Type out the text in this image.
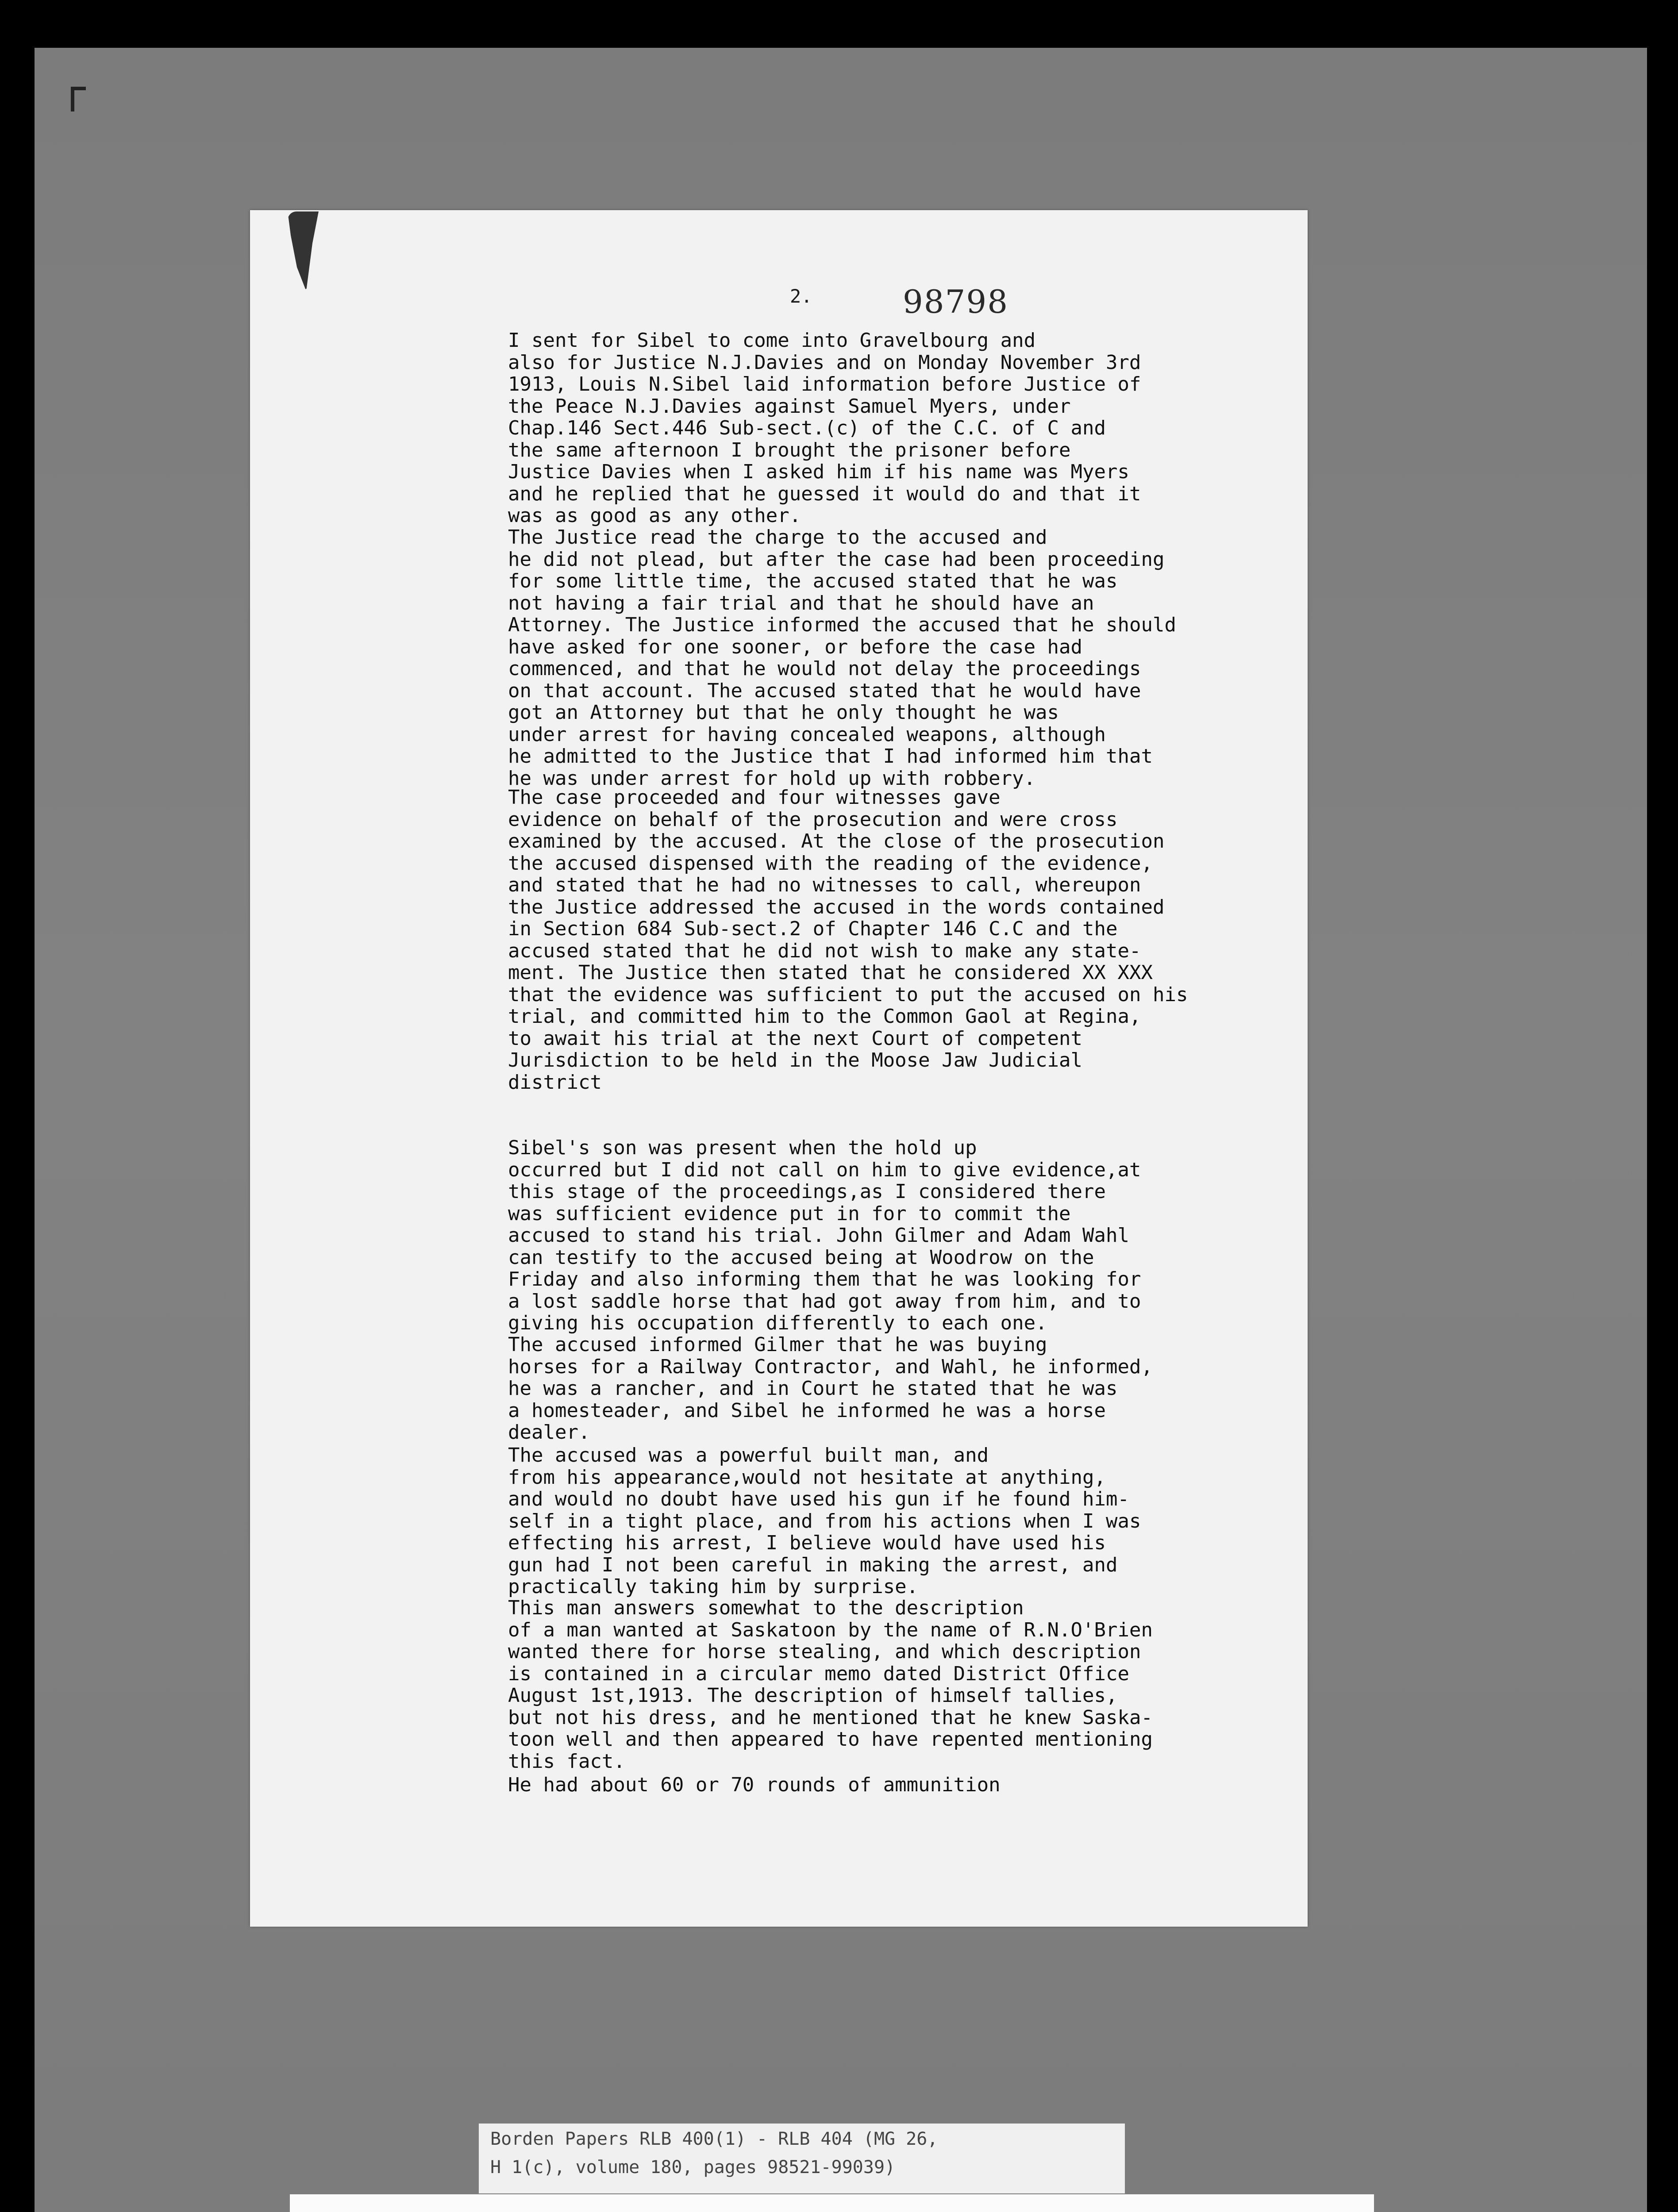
2.	98798
I sent for Sibel to come into Gravelbourg and
also for Justice N.J.Davies and on Monday November 3rd
1913, Louis N.Sibel laid information before Justice of
the Peace N.J.Davies against Samuel Myers, under
Chap.146 Sect.446 Sub-sect.(c) of the C.C. of C and
the same afternoon I brought the prisoner before
Justice Davies when I asked him if his name was Myers
and he replied that he guessed it would do and that it
was as good as any other.
The Justice read the charge to the accused and
he did not plead, but after the case had been proceeding
for some little time, the accused stated that he was
not having a fair trial and that he should have an
Attorney. The Justice informed the accused that he should
have asked for one sooner, or before the case had
commenced, and that he would not delay the proceedings
on that account. The accused stated that he would have
got an Attorney but that he only thought he was
under arrest for having concealed weapons, although
he admitted to the Justice that I had informed him that
he was under arrest for hold up with robbery.
The case proceeded and four witnesses gave
evidence on behalf of the prosecution and were cross
examined by the accused. At the close of the prosecution
the accused dispensed with the reading of the evidence,
and stated that he had no witnesses to call, whereupon
the Justice addressed the accused in the words contained
in Section 684 Sub-sect.2 of Chapter 146 C.C and the
accused stated that he did not wish to make any state-
ment. The Justice then stated that he considered XX XXX
that the evidence was sufficient to put the accused on his
trial, and committed him to the Common Gaol at Regina,
to await his trial at the next Court of competent
Jurisdiction to be held in the Moose Jaw Judicial
district
Sibel's son was present when the hold up
occurred but I did not call on him to give evidence,at
this stage of the proceedings,as I considered there
was sufficient evidence put in for to commit the
accused to stand his trial. John Gilmer and Adam Wahl
can testify to the accused being at Woodrow on the
Friday and also informing them that he was looking for
a lost saddle horse that had got away from him, and to
giving his occupation differently to each one.
The accused informed Gilmer that he was buying
horses for a Railway Contractor, and Wahl, he informed,
he was a rancher, and in Court he stated that he was
a homesteader, and Sibel he informed he was a horse
dealer.
The accused was a powerful built man, and
from his appearance,would not hesitate at anything,
and would no doubt have used his gun if he found him-
self in a tight place, and from his actions when I was
effecting his arrest, I believe would have used his
gun had I not been careful in making the arrest, and
practically taking him by surprise.
This man answers somewhat to the description
of a man wanted at Saskatoon by the name of R.N.O'Brien
wanted there for horse stealing, and which description
is contained in a circular memo dated District Office
August 1st,1913. The description of himself tallies,
but not his dress, and he mentioned that he knew Saska-
toon well and then appeared to have repented mentioning
this fact.
He had about 60 or 70 rounds of ammunition
Borden Papers RLB 400(1) - RLB 404 (MG 26,
H 1(c), volume 180, pages 98521-99039)
